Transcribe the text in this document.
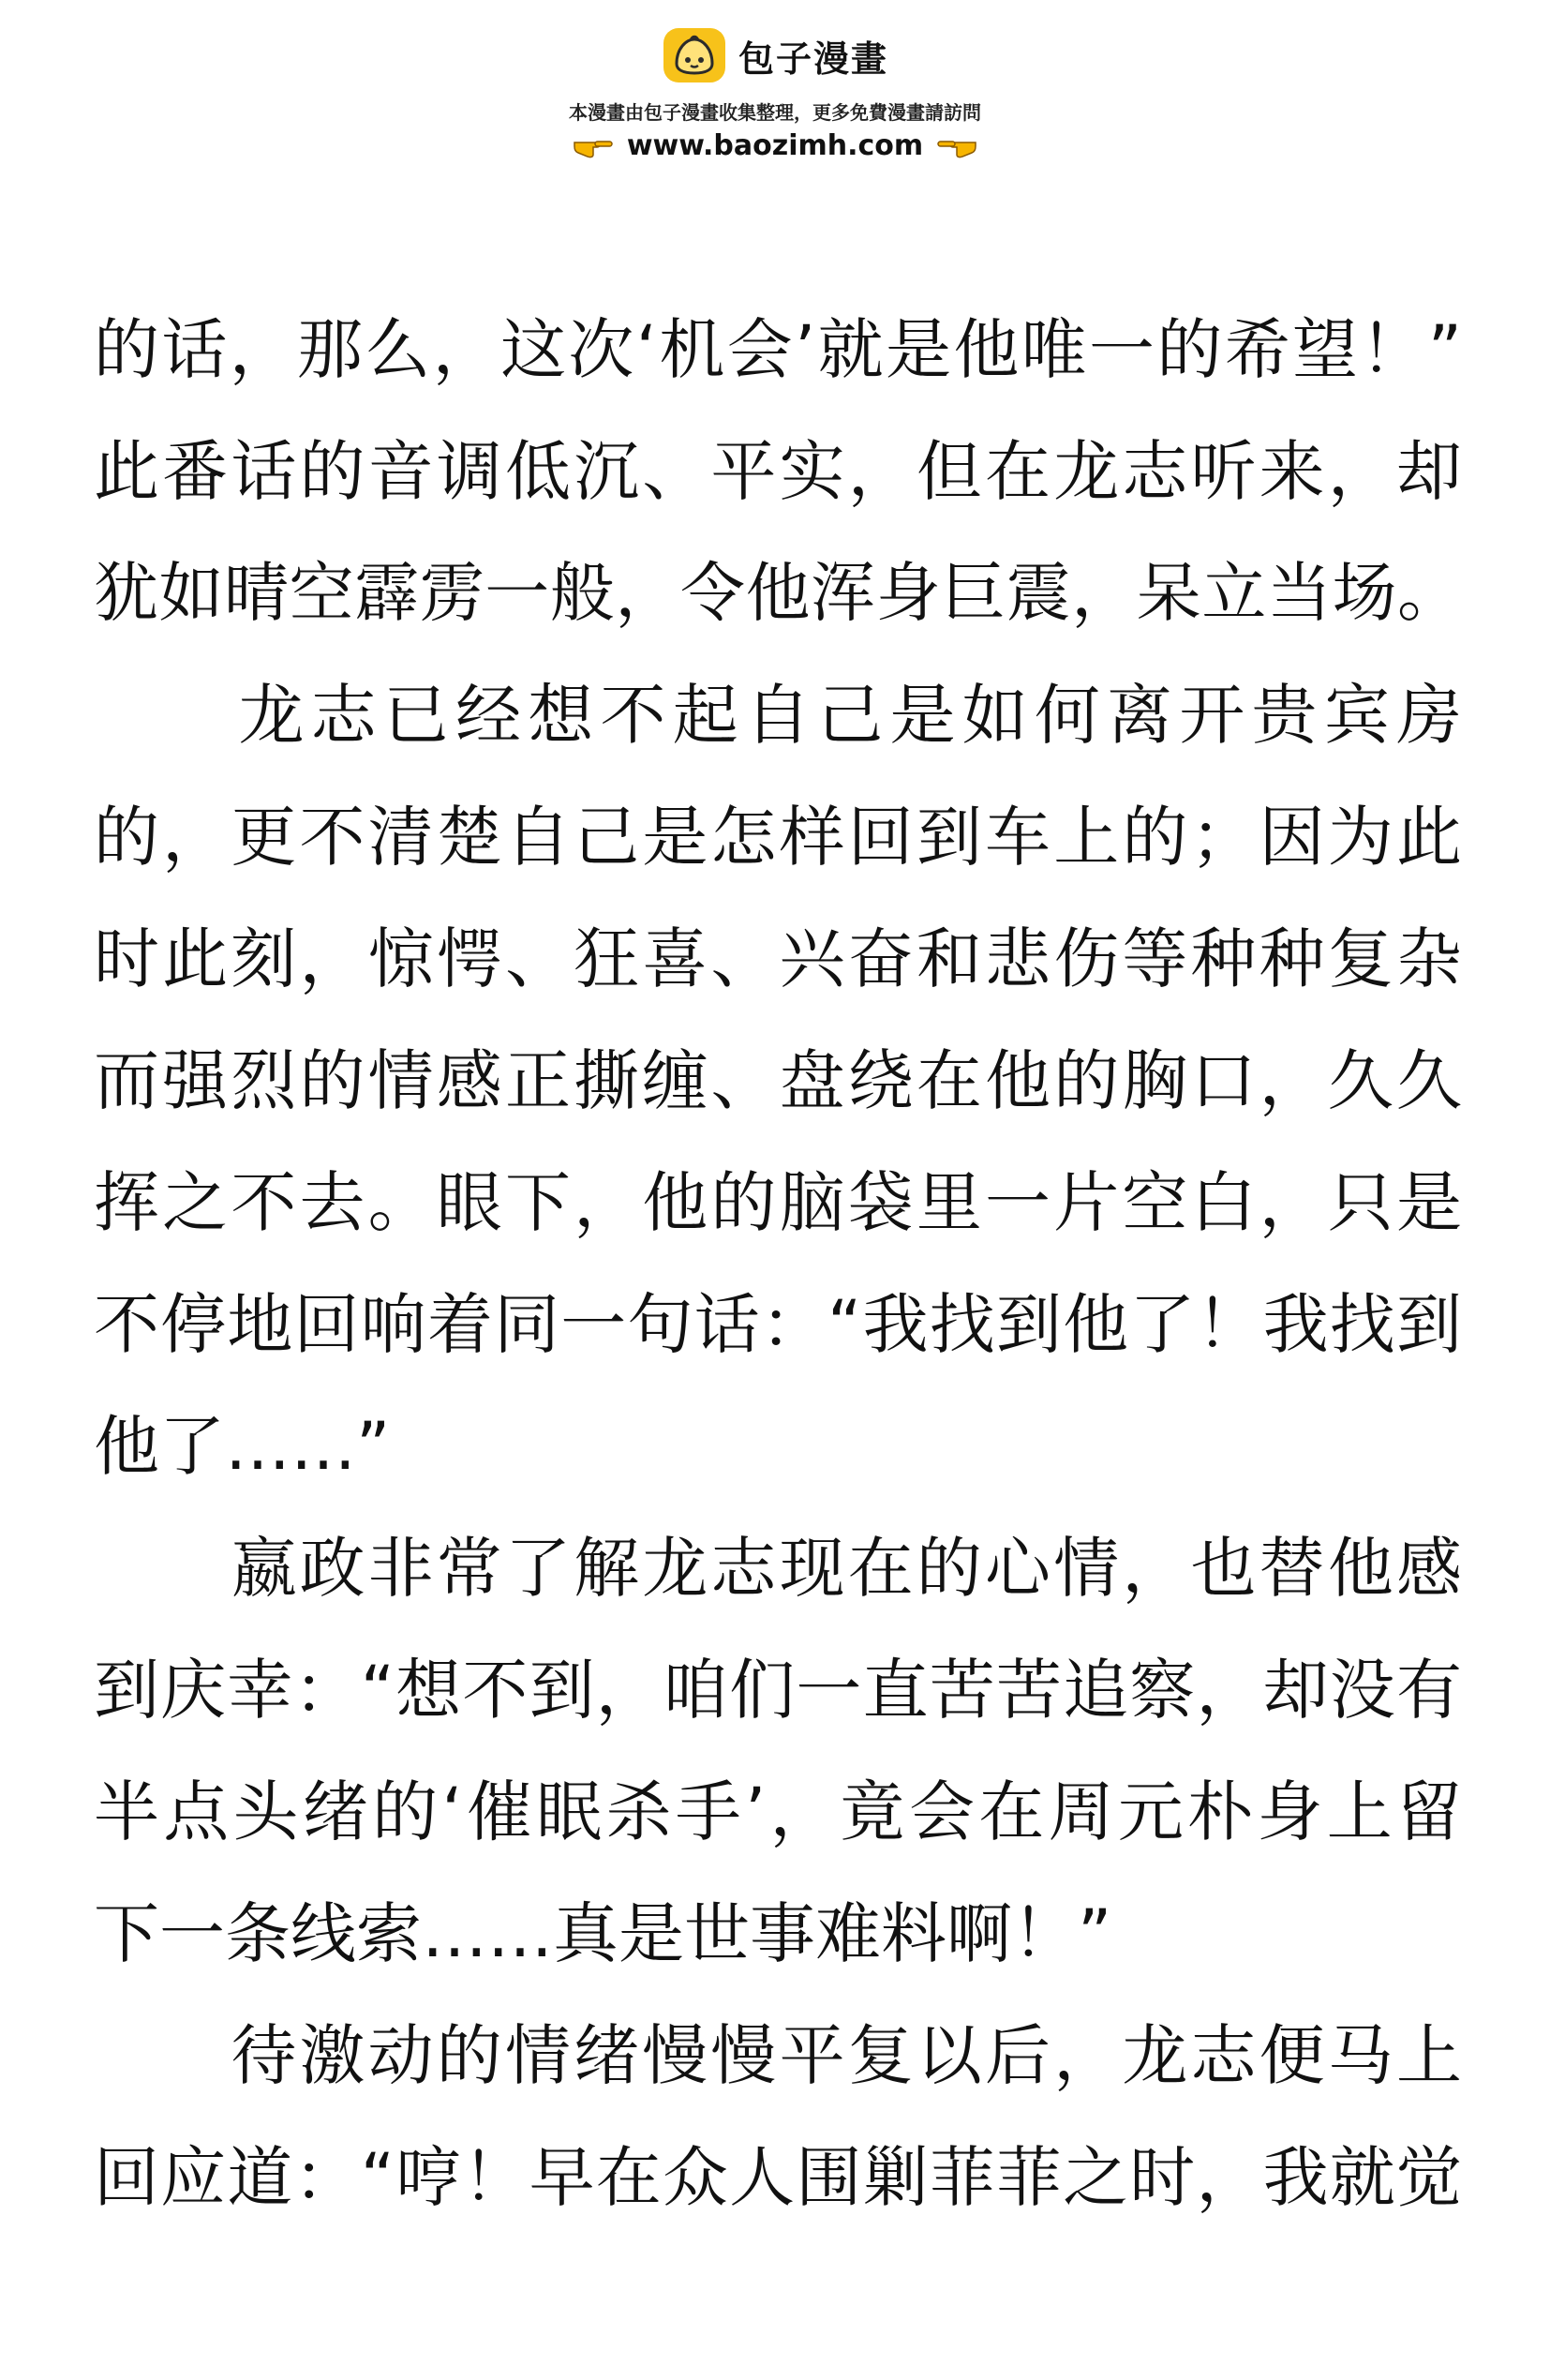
包子漫畫
本漫畫由包子漫畫收集整理，更多免費漫畫請訪問
www.baozimh.com
的话，那么，这次‘机会’就是他唯一的希望！”
此番话的音调低沉、平实，但在龙志听来，却
犹如晴空霹雳一般，令他浑身巨震，呆立当场。
　　龙志已经想不起自己是如何离开贵宾房
的，更不清楚自己是怎样回到车上的；因为此
时此刻，惊愕、狂喜、兴奋和悲伤等种种复杂
而强烈的情感正撕缠、盘绕在他的胸口，久久
挥之不去。眼下，他的脑袋里一片空白，只是
不停地回响着同一句话：“我找到他了！我找到
他了……”
　　嬴政非常了解龙志现在的心情，也替他感
到庆幸：“想不到，咱们一直苦苦追察，却没有
半点头绪的‘催眠杀手’，竟会在周元朴身上留
下一条线索……真是世事难料啊！”
　　待激动的情绪慢慢平复以后，龙志便马上
回应道：“哼！早在众人围剿菲菲之时，我就觉
